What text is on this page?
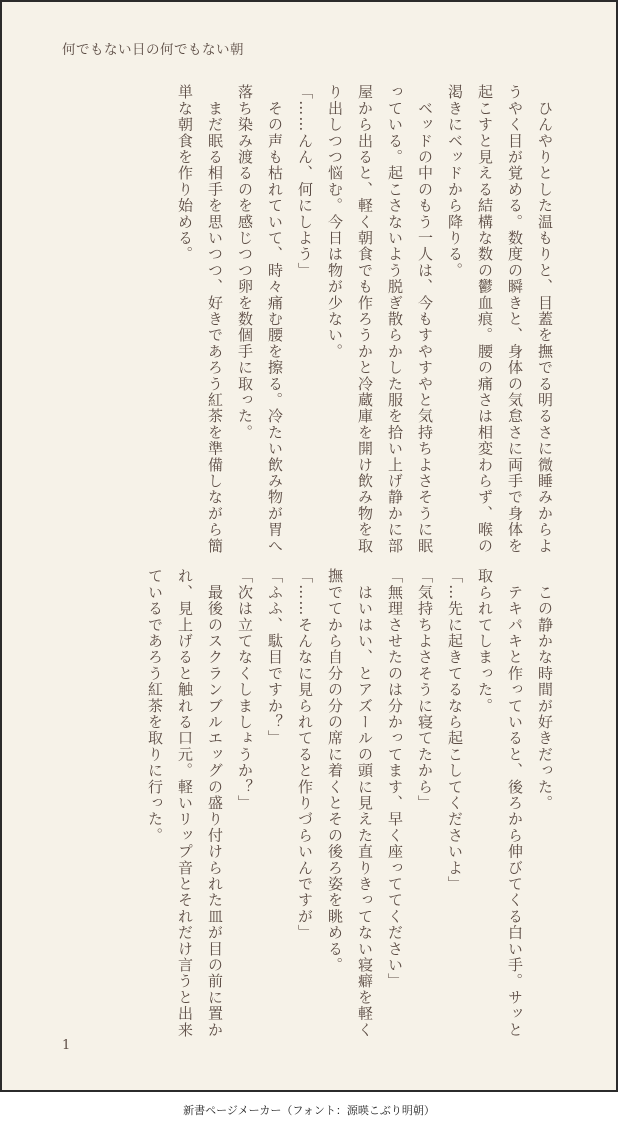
何でもない日の何でもない朝

　ひんやりとした温もりと、目蓋を撫でる明るさに微睡みからようやく目が覚める。数度の瞬きと、身体の気怠さに両手で身体を起こすと見える結構な数の鬱血痕。腰の痛さは相変わらず、喉の渇きにベッドから降りる。

　ベッドの中のもう一人は、今もすやすやと気持ちよさそうに眠っている。起こさないよう脱ぎ散らかした服を拾い上げ静かに部屋から出ると、軽く朝食でも作ろうかと冷蔵庫を開け飲み物を取り出しつつ悩む。今日は物が少ない。

「……んん、何にしよう」

　その声も枯れていて、時々痛む腰を擦る。冷たい飲み物が胃へ落ち染み渡るのを感じつつ卵を数個手に取った。

　まだ眠る相手を思いつつ、好きであろう紅茶を準備しながら簡単な朝食を作り始める。

　この静かな時間が好きだった。

　テキパキと作っていると、後ろから伸びてくる白い手。サッと取られてしまった。

「…先に起きてるなら起こしてくださいよ」

「気持ちよさそうに寝てたから」

「無理させたのは分かってます、早く座っててください」

　はいはい、とアズールの頭に見えた直りきってない寝癖を軽く撫でてから自分の分の席に着くとその後ろ姿を眺める。

「……そんなに見られてると作りづらいんですが」

「ふふ、駄目ですか？」

「次は立てなくしましょうか？」

　最後のスクランブルエッグの盛り付けられた皿が目の前に置かれ、見上げると触れる口元。軽いリップ音とそれだけ言うと出来ているであろう紅茶を取りに行った。

1
新書ページメーカー（フォント：源暎こぶり明朝）
